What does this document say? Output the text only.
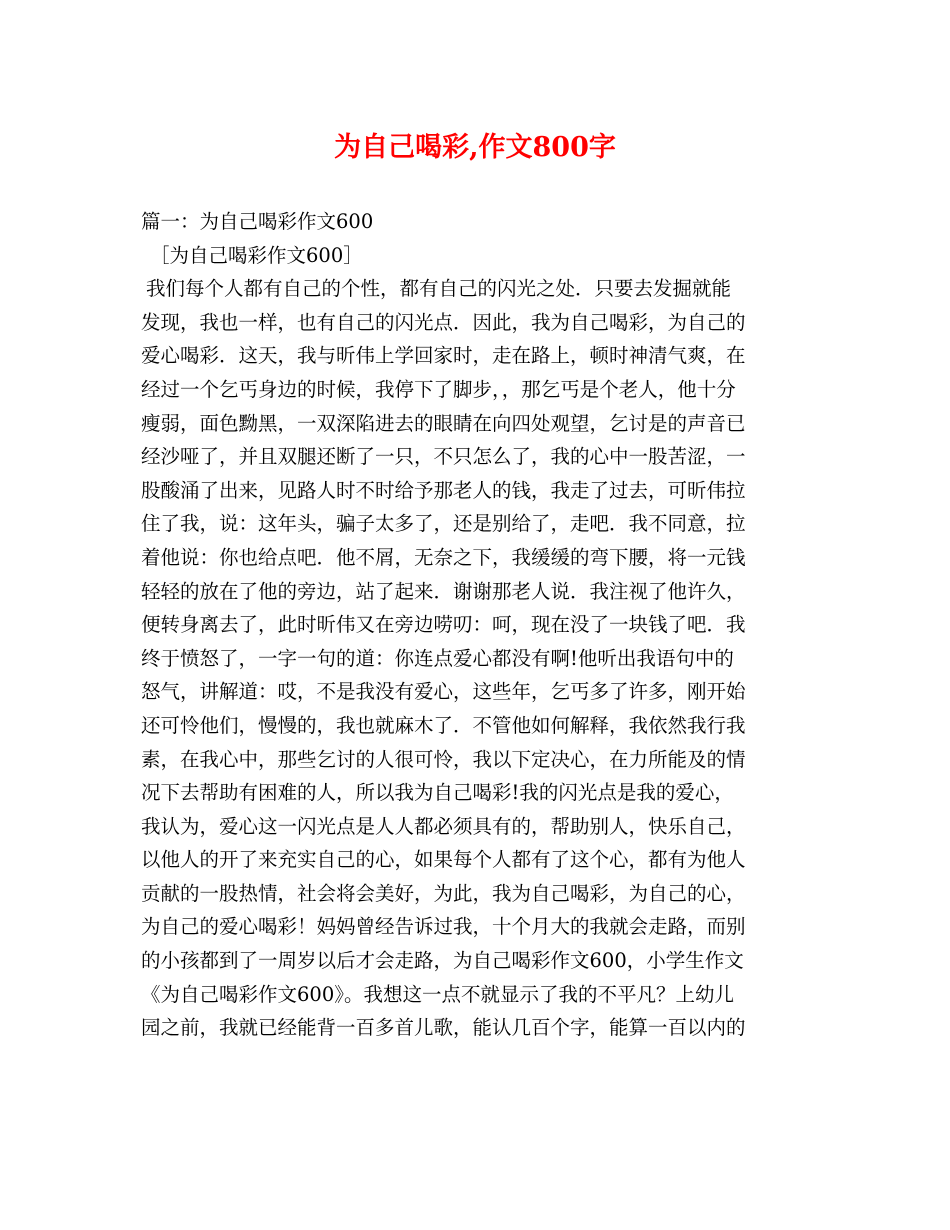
为自己喝彩,作文800字
篇一：为自己喝彩作文600
［为自己喝彩作文600］
我们每个人都有自己的个性，都有自己的闪光之处．只要去发掘就能
发现，我也一样，也有自己的闪光点．因此，我为自己喝彩，为自己的
爱心喝彩．这天，我与昕伟上学回家时，走在路上，顿时神清气爽，在
经过一个乞丐身边的时候，我停下了脚步，，那乞丐是个老人，他十分
瘦弱，面色黝黑，一双深陷进去的眼睛在向四处观望，乞讨是的声音已
经沙哑了，并且双腿还断了一只，不只怎么了，我的心中一股苦涩，一
股酸涌了出来，见路人时不时给予那老人的钱，我走了过去，可昕伟拉
住了我，说：这年头，骗子太多了，还是别给了，走吧．我不同意，拉
着他说：你也给点吧．他不屑，无奈之下，我缓缓的弯下腰，将一元钱
轻轻的放在了他的旁边，站了起来．谢谢那老人说．我注视了他许久，
便转身离去了，此时昕伟又在旁边唠叨：呵，现在没了一块钱了吧．我
终于愤怒了，一字一句的道：你连点爱心都没有啊!他听出我语句中的
怒气，讲解道：哎，不是我没有爱心，这些年，乞丐多了许多，刚开始
还可怜他们，慢慢的，我也就麻木了．不管他如何解释，我依然我行我
素，在我心中，那些乞讨的人很可怜，我以下定决心，在力所能及的情
况下去帮助有困难的人，所以我为自己喝彩!我的闪光点是我的爱心，
我认为，爱心这一闪光点是人人都必须具有的，帮助别人，快乐自己，
以他人的开了来充实自己的心，如果每个人都有了这个心，都有为他人
贡献的一股热情，社会将会美好，为此，我为自己喝彩，为自己的心，
为自己的爱心喝彩！妈妈曾经告诉过我，十个月大的我就会走路，而别
的小孩都到了一周岁以后才会走路，为自己喝彩作文600，小学生作文
《为自己喝彩作文600》。我想这一点不就显示了我的不平凡？上幼儿
园之前，我就已经能背一百多首儿歌，能认几百个字，能算一百以内的
